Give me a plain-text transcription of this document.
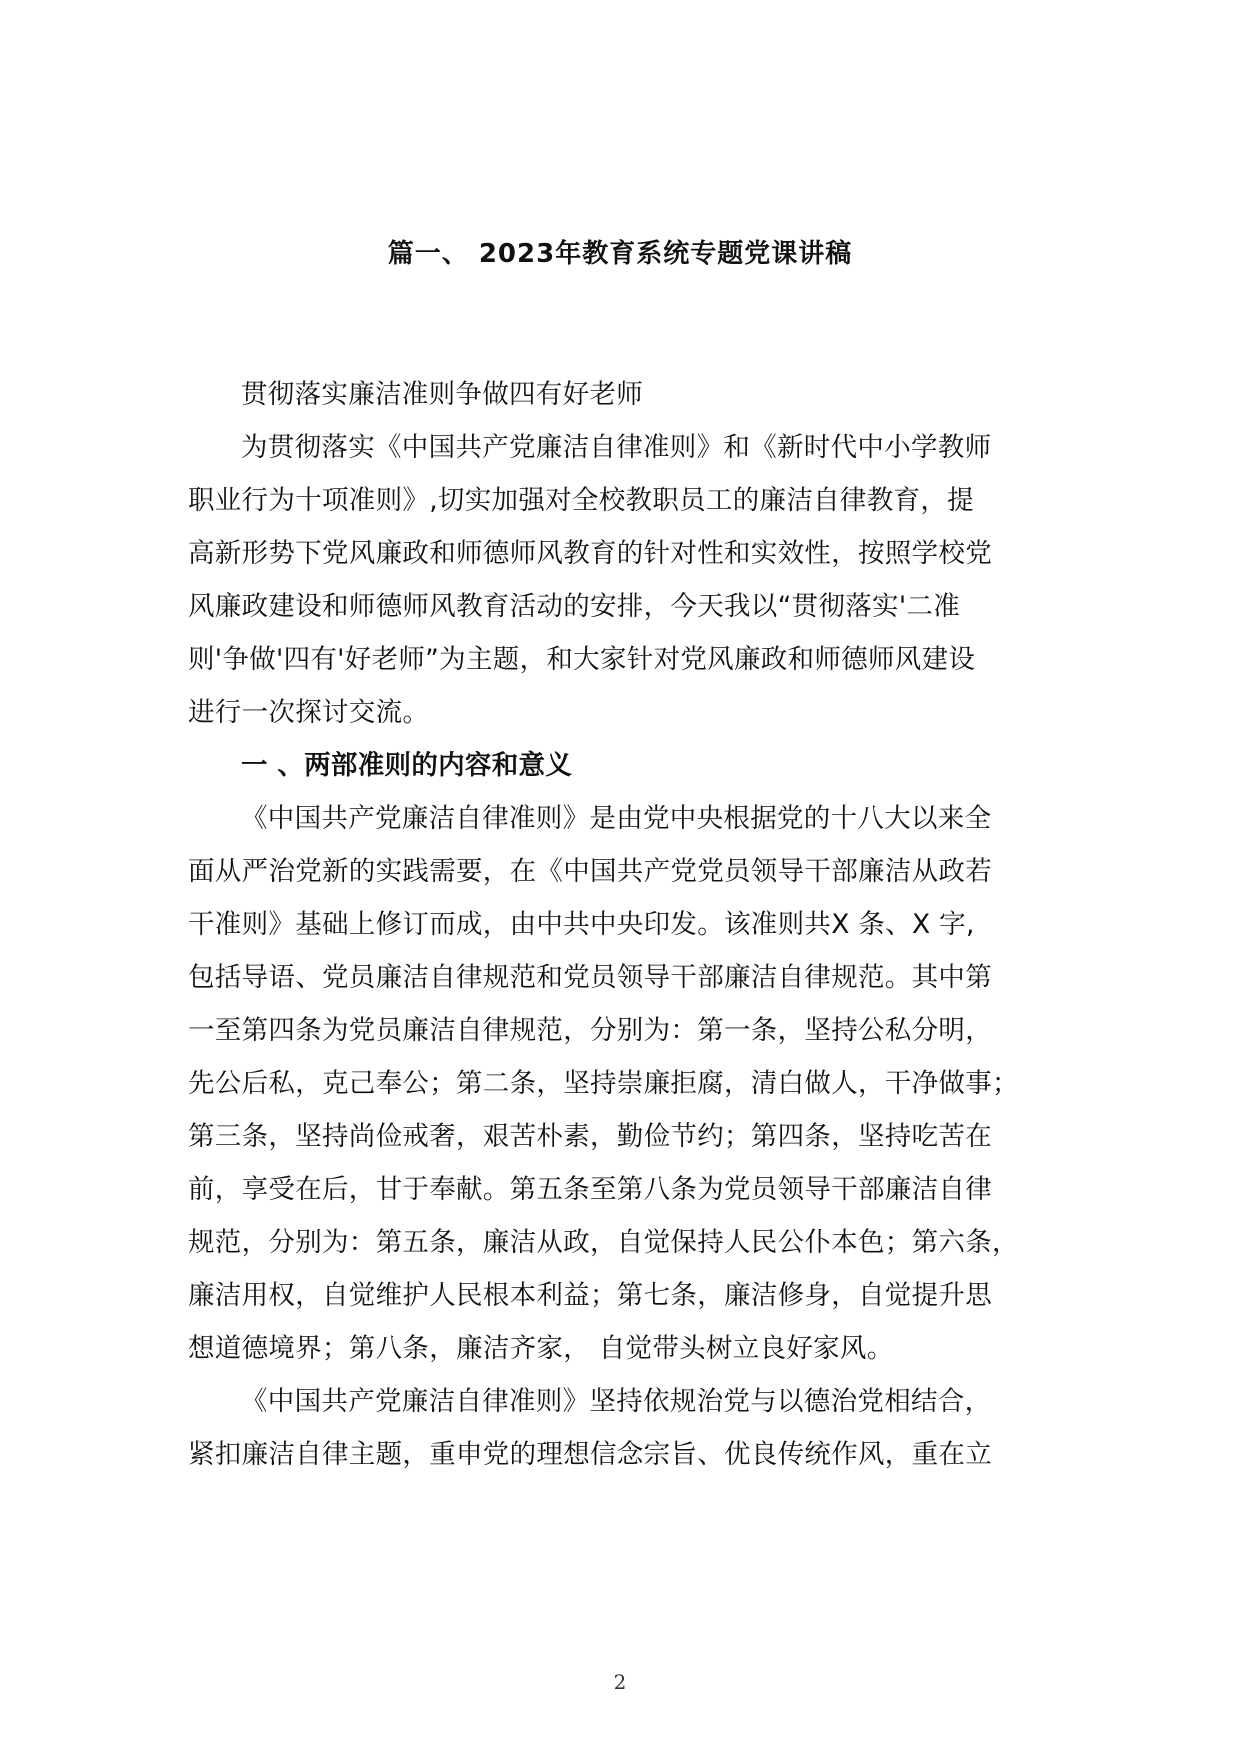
篇一、 2023年教育系统专题党课讲稿

贯彻落实廉洁准则争做四有好老师

为贯彻落实《中国共产党廉洁自律准则》和《新时代中小学教师
职业行为十项准则》,切实加强对全校教职员工的廉洁自律教育，提
高新形势下党风廉政和师德师风教育的针对性和实效性，按照学校党
风廉政建设和师德师风教育活动的安排，今天我以“贯彻落实'二准
则'争做'四有'好老师”为主题，和大家针对党风廉政和师德师风建设
进行一次探讨交流。

一 、两部准则的内容和意义

《中国共产党廉洁自律准则》是由党中央根据党的十八大以来全
面从严治党新的实践需要，在《中国共产党党员领导干部廉洁从政若
干准则》基础上修订而成，由中共中央印发。该准则共X 条、X 字,
包括导语、党员廉洁自律规范和党员领导干部廉洁自律规范。其中第
一至第四条为党员廉洁自律规范，分别为：第一条，坚持公私分明，
先公后私，克己奉公；第二条，坚持崇廉拒腐，清白做人，干净做事；
第三条，坚持尚俭戒奢，艰苦朴素，勤俭节约；第四条，坚持吃苦在
前，享受在后，甘于奉献。第五条至第八条为党员领导干部廉洁自律
规范，分别为：第五条，廉洁从政，自觉保持人民公仆本色；第六条，
廉洁用权，自觉维护人民根本利益；第七条，廉洁修身，自觉提升思
想道德境界；第八条，廉洁齐家， 自觉带头树立良好家风。

《中国共产党廉洁自律准则》坚持依规治党与以德治党相结合，
紧扣廉洁自律主题，重申党的理想信念宗旨、优良传统作风，重在立

2
